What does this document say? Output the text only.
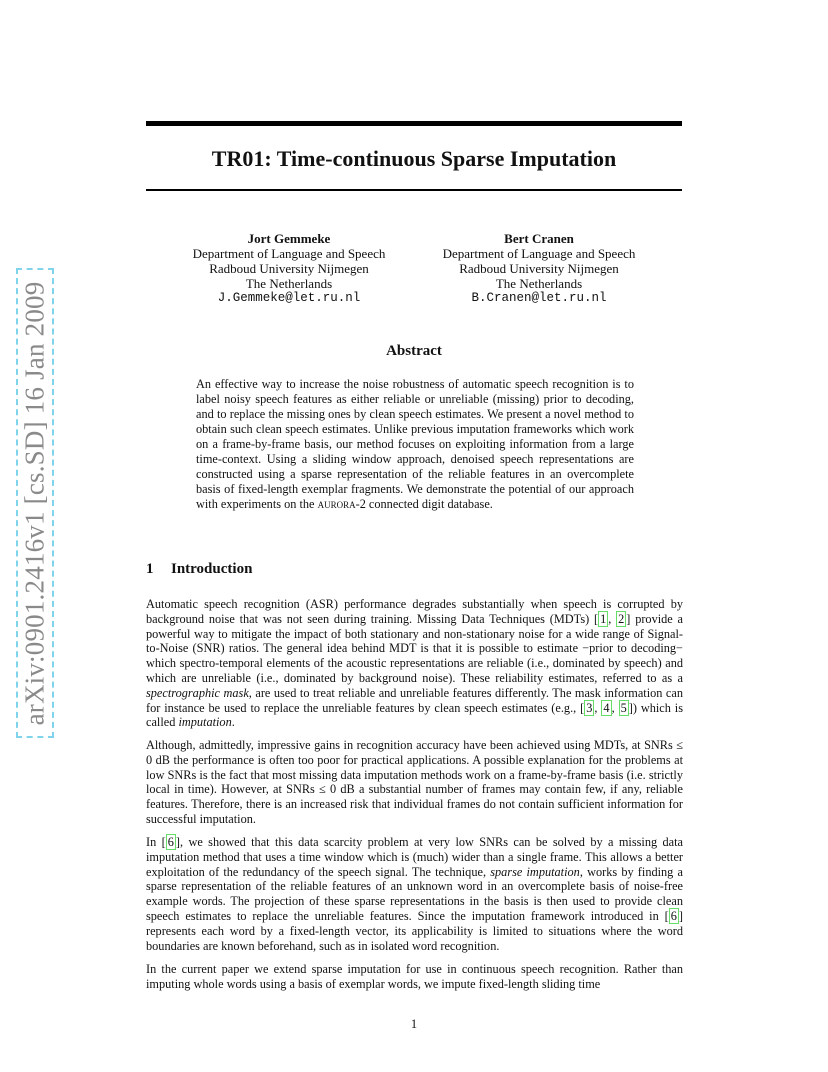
arXiv:0901.2416v1 [cs.SD] 16 Jan 2009
TR01: Time-continuous Sparse Imputation
Jort Gemmeke
Department of Language and Speech
Radboud University Nijmegen
The Netherlands
J.Gemmeke@let.ru.nl
Bert Cranen
Department of Language and Speech
Radboud University Nijmegen
The Netherlands
B.Cranen@let.ru.nl
Abstract

An effective way to increase the noise robustness of automatic speech recognition is to label noisy speech features as either reliable or unreliable (missing) prior to decoding, and to replace the missing ones by clean speech estimates. We present a novel method to obtain such clean speech estimates. Unlike previous imputation frameworks which work on a frame-by-frame basis, our method focuses on exploiting information from a large time-context. Using a sliding window approach, denoised speech representations are constructed using a sparse representation of the reliable features in an overcomplete basis of fixed-length exemplar fragments. We demonstrate the potential of our approach with experiments on the aurora-2 connected digit database.

1 Introduction

Automatic speech recognition (ASR) performance degrades substantially when speech is corrupted by background noise that was not seen during training. Missing Data Techniques (MDTs) [ 1 , 2 ] provide a powerful way to mitigate the impact of both stationary and non-stationary noise for a wide range of Signal-to-Noise (SNR) ratios. The general idea behind MDT is that it is possible to estimate −prior to decoding− which spectro-temporal elements of the acoustic representations are reliable (i.e., dominated by speech) and which are unreliable (i.e., dominated by background noise). These reliability estimates, referred to as a spectrographic mask, are used to treat reliable and unreliable features differently. The mask information can for instance be used to replace the unreliable features by clean speech estimates (e.g., [ 3 , 4 , 5 ]) which is called imputation.

Although, admittedly, impressive gains in recognition accuracy have been achieved using MDTs, at SNRs ≤ 0 dB the performance is often too poor for practical applications. A possible explanation for the problems at low SNRs is the fact that most missing data imputation methods work on a frame-by-frame basis (i.e. strictly local in time). However, at SNRs ≤ 0 dB a substantial number of frames may contain few, if any, reliable features. Therefore, there is an increased risk that individual frames do not contain sufficient information for successful imputation.

In [ 6 ], we showed that this data scarcity problem at very low SNRs can be solved by a missing data imputation method that uses a time window which is (much) wider than a single frame. This allows a better exploitation of the redundancy of the speech signal. The technique, sparse imputation, works by finding a sparse representation of the reliable features of an unknown word in an overcomplete basis of noise-free example words. The projection of these sparse representations in the basis is then used to provide clean speech estimates to replace the unreliable features. Since the imputation framework introduced in [ 6 ] represents each word by a fixed-length vector, its applicability is limited to situations where the word boundaries are known beforehand, such as in isolated word recognition.

In the current paper we extend sparse imputation for use in continuous speech recognition. Rather than imputing whole words using a basis of exemplar words, we impute fixed-length sliding time

1
